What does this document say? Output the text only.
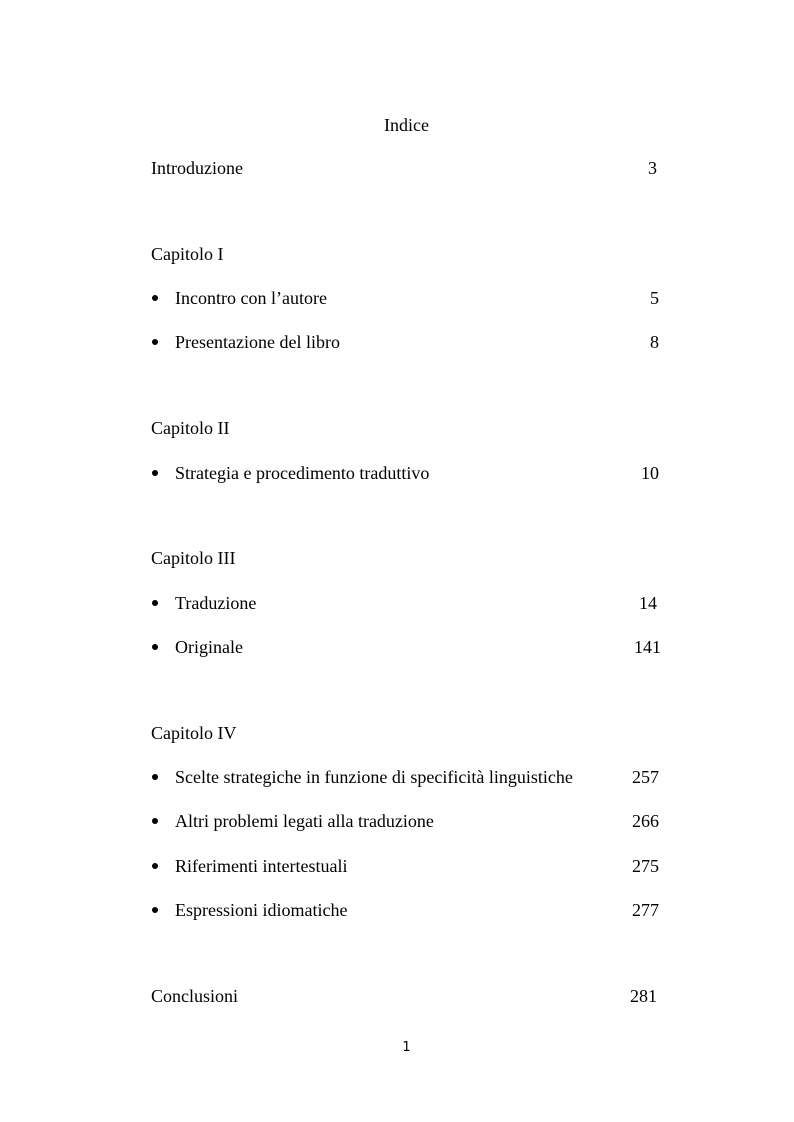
Indice
Introduzione	3
Capitolo I
Incontro con l’autore	5
Presentazione del libro	8
Capitolo II
Strategia e procedimento traduttivo	10
Capitolo III
Traduzione	14
Originale	141
Capitolo IV
Scelte strategiche in funzione di specificità linguistiche	257
Altri problemi legati alla traduzione	266
Riferimenti intertestuali	275
Espressioni idiomatiche	277
Conclusioni	281
1
